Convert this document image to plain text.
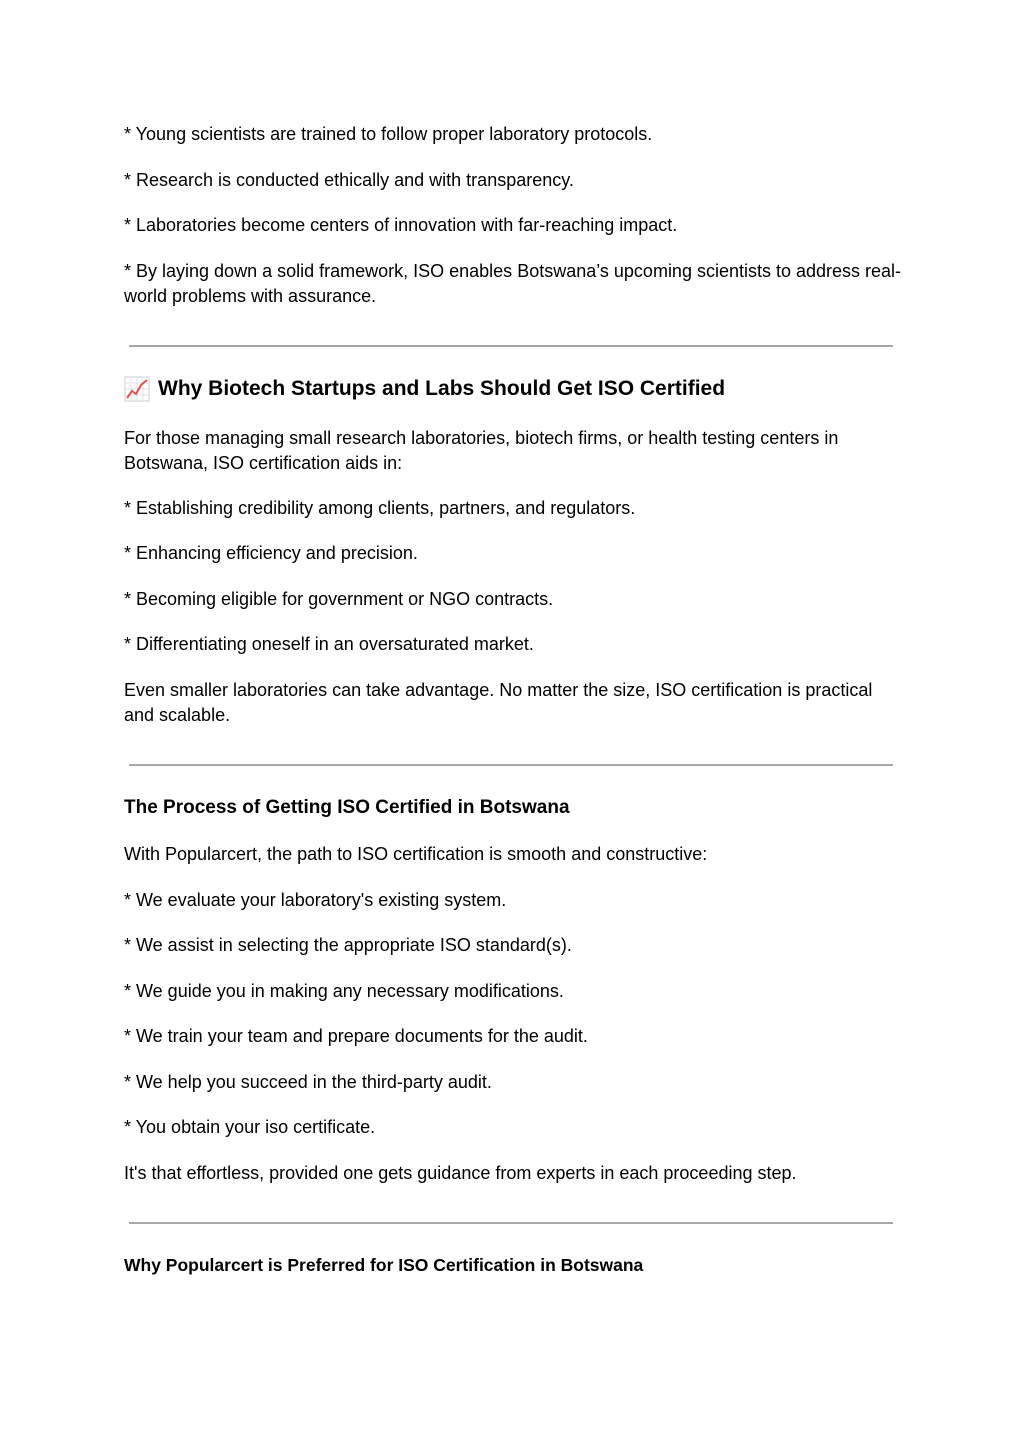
* Young scientists are trained to follow proper laboratory protocols.

* Research is conducted ethically and with transparency.

* Laboratories become centers of innovation with far-reaching impact.

* By laying down a solid framework, ISO enables Botswana’s upcoming scientists to address real-world problems with assurance.

Why Biotech Startups and Labs Should Get ISO Certified

For those managing small research laboratories, biotech firms, or health testing centers in Botswana, ISO certification aids in:

* Establishing credibility among clients, partners, and regulators.

* Enhancing efficiency and precision.

* Becoming eligible for government or NGO contracts.

* Differentiating oneself in an oversaturated market.

Even smaller laboratories can take advantage. No matter the size, ISO certification is practical and scalable.

The Process of Getting ISO Certified in Botswana

With Popularcert, the path to ISO certification is smooth and constructive:

* We evaluate your laboratory's existing system.

* We assist in selecting the appropriate ISO standard(s).

* We guide you in making any necessary modifications.

* We train your team and prepare documents for the audit.

* We help you succeed in the third-party audit.

* You obtain your iso certificate.

It's that effortless, provided one gets guidance from experts in each proceeding step.

Why Popularcert is Preferred for ISO Certification in Botswana
